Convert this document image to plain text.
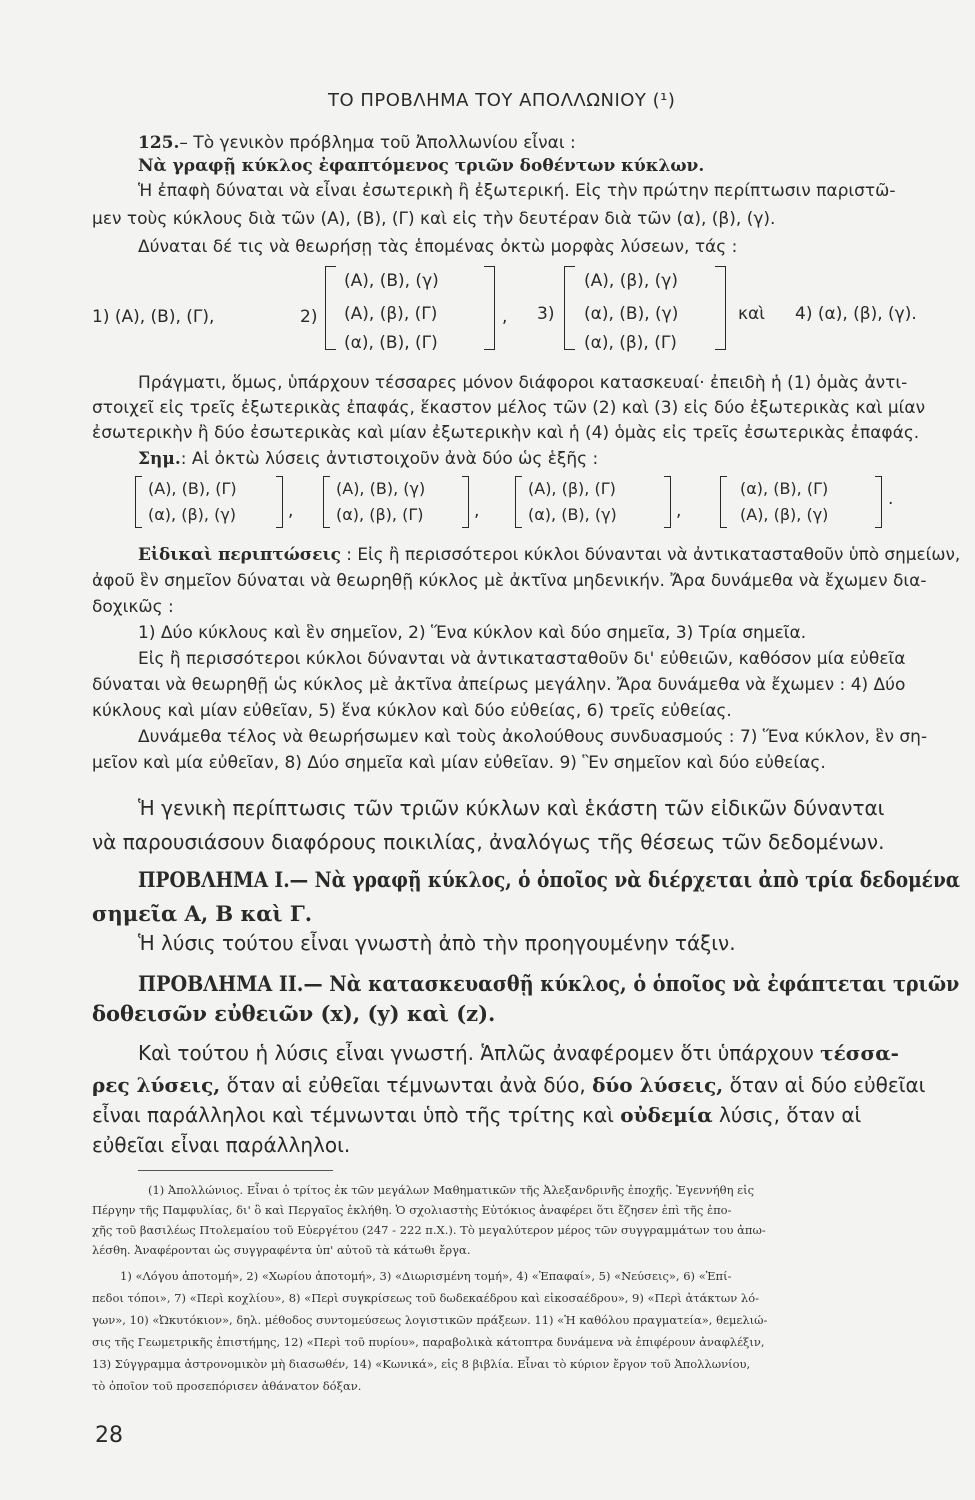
ΤΟ ΠΡΟΒΛΗΜΑ ΤΟΥ ΑΠΟΛΛΩΝΙΟΥ (¹)
125.– Τὸ γενικὸν πρόβλημα τοῦ Ἀπολλωνίου εἶναι :
Νὰ γραφῇ κύκλος ἐφαπτόμενος τριῶν δοθέντων κύκλων.
Ἡ ἐπαφὴ δύναται νὰ εἶναι ἐσωτερικὴ ἢ ἐξωτερική. Εἰς τὴν πρώτην περίπτωσιν παριστῶ-
μεν τοὺς κύκλους διὰ τῶν (Α), (Β), (Γ) καὶ εἰς τὴν δευτέραν διὰ τῶν (α), (β), (γ).
Δύναται δέ τις νὰ θεωρήσῃ τὰς ἑπομένας ὀκτὼ μορφὰς λύσεων, τάς :
1) (Α), (Β), (Γ),	2)
(Α), (Β), (γ)
(Α), (β), (Γ)
(α), (Β), (Γ)
, 3)
(Α), (β), (γ)
(α), (Β), (γ)
(α), (β), (Γ)
καὶ 4) (α), (β), (γ).
Πράγματι, ὅμως, ὑπάρχουν τέσσαρες μόνον διάφοροι κατασκευαί· ἐπειδὴ ἡ (1) ὁμὰς ἀντι-
στοιχεῖ εἰς τρεῖς ἐξωτερικὰς ἐπαφάς, ἕκαστον μέλος τῶν (2) καὶ (3) εἰς δύο ἐξωτερικὰς καὶ μίαν
ἐσωτερικὴν ἢ δύο ἐσωτερικὰς καὶ μίαν ἐξωτερικὴν καὶ ἡ (4) ὁμὰς εἰς τρεῖς ἐσωτερικὰς ἐπαφάς.
Σημ.: Αἱ ὀκτὼ λύσεις ἀντιστοιχοῦν ἀνὰ δύο ὡς ἑξῆς :
(Α), (Β), (Γ)
(α), (β), (γ)	,
(Α), (Β), (γ)
(α), (β), (Γ)	,
(Α), (β), (Γ)
(α), (Β), (γ)	,
(α), (Β), (Γ)
(Α), (β), (γ)
.
Εἰδικαὶ περιπτώσεις : Εἰς ἢ περισσότεροι κύκλοι δύνανται νὰ ἀντικατασταθοῦν ὑπὸ σημείων,
ἀφοῦ ἓν σημεῖον δύναται νὰ θεωρηθῇ κύκλος μὲ ἀκτῖνα μηδενικήν. Ἄρα δυνάμεθα νὰ ἔχωμεν δια-
δοχικῶς :
1) Δύο κύκλους καὶ ἓν σημεῖον, 2) Ἕνα κύκλον καὶ δύο σημεῖα, 3) Τρία σημεῖα.
Εἰς ἢ περισσότεροι κύκλοι δύνανται νὰ ἀντικατασταθοῦν δι' εὐθειῶν, καθόσον μία εὐθεῖα
δύναται νὰ θεωρηθῇ ὡς κύκλος μὲ ἀκτῖνα ἀπείρως μεγάλην. Ἄρα δυνάμεθα νὰ ἔχωμεν : 4) Δύο
κύκλους καὶ μίαν εὐθεῖαν, 5) ἕνα κύκλον καὶ δύο εὐθείας, 6) τρεῖς εὐθείας.
Δυνάμεθα τέλος νὰ θεωρήσωμεν καὶ τοὺς ἀκολούθους συνδυασμούς : 7) Ἕνα κύκλον, ἓν ση-
μεῖον καὶ μία εὐθεῖαν, 8) Δύο σημεῖα καὶ μίαν εὐθεῖαν. 9) Ἓν σημεῖον καὶ δύο εὐθείας.
Ἡ γενικὴ περίπτωσις τῶν τριῶν κύκλων καὶ ἑκάστη τῶν εἰδικῶν δύνανται
νὰ παρουσιάσουν διαφόρους ποικιλίας, ἀναλόγως τῆς θέσεως τῶν δεδομένων.
ΠΡΟΒΛΗΜΑ Ι.— Νὰ γραφῇ κύκλος, ὁ ὁποῖος νὰ διέρχεται ἀπὸ τρία δεδομένα
σημεῖα Α, Β καὶ Γ.
Ἡ λύσις τούτου εἶναι γνωστὴ ἀπὸ τὴν προηγουμένην τάξιν.
ΠΡΟΒΛΗΜΑ ΙΙ.— Νὰ κατασκευασθῇ κύκλος, ὁ ὁποῖος νὰ ἐφάπτεται τριῶν
δοθεισῶν εὐθειῶν (x), (y) καὶ (z).
Καὶ τούτου ἡ λύσις εἶναι γνωστή. Ἁπλῶς ἀναφέρομεν ὅτι ὑπάρχουν τέσσα-
ρες λύσεις, ὅταν αἱ εὐθεῖαι τέμνωνται ἀνὰ δύο, δύο λύσεις, ὅταν αἱ δύο εὐθεῖαι
εἶναι παράλληλοι καὶ τέμνωνται ὑπὸ τῆς τρίτης καὶ οὐδεμία λύσις, ὅταν αἱ
εὐθεῖαι εἶναι παράλληλοι.
(1) Ἀπολλώνιος. Εἶναι ὁ τρίτος ἐκ τῶν μεγάλων Μαθηματικῶν τῆς Ἀλεξανδρινῆς ἐποχῆς. Ἐγεννήθη εἰς
Πέργην τῆς Παμφυλίας, δι' ὃ καὶ Περγαῖος ἐκλήθη. Ὁ σχολιαστὴς Εὐτόκιος ἀναφέρει ὅτι ἔζησεν ἐπὶ τῆς ἐπο-
χῆς τοῦ βασιλέως Πτολεμαίου τοῦ Εὐεργέτου (247 - 222 π.Χ.). Τὸ μεγαλύτερον μέρος τῶν συγγραμμάτων του ἀπω-
λέσθη. Ἀναφέρονται ὡς συγγραφέντα ὑπ' αὐτοῦ τὰ κάτωθι ἔργα.
1) «Λόγου ἀποτομή», 2) «Χωρίου ἀποτομή», 3) «Διωρισμένη τομή», 4) «Ἐπαφαί», 5) «Νεύσεις», 6) «Ἐπί-
πεδοι τόποι», 7) «Περὶ κοχλίου», 8) «Περὶ συγκρίσεως τοῦ δωδεκαέδρου καὶ εἰκοσαέδρου», 9) «Περὶ ἀτάκτων λό-
γων», 10) «Ὠκυτόκιον», δηλ. μέθοδος συντομεύσεως λογιστικῶν πράξεων. 11) «Ἡ καθόλου πραγματεία», θεμελιώ-
σις τῆς Γεωμετρικῆς ἐπιστήμης, 12) «Περὶ τοῦ πυρίου», παραβολικὰ κάτοπτρα δυνάμενα νὰ ἐπιφέρουν ἀναφλέξιν,
13) Σύγγραμμα ἀστρονομικὸν μὴ διασωθέν, 14) «Κωνικά», εἰς 8 βιβλία. Εἶναι τὸ κύριον ἔργον τοῦ Ἀπολλωνίου,
τὸ ὁποῖον τοῦ προσεπόρισεν ἀθάνατον δόξαν.
28
